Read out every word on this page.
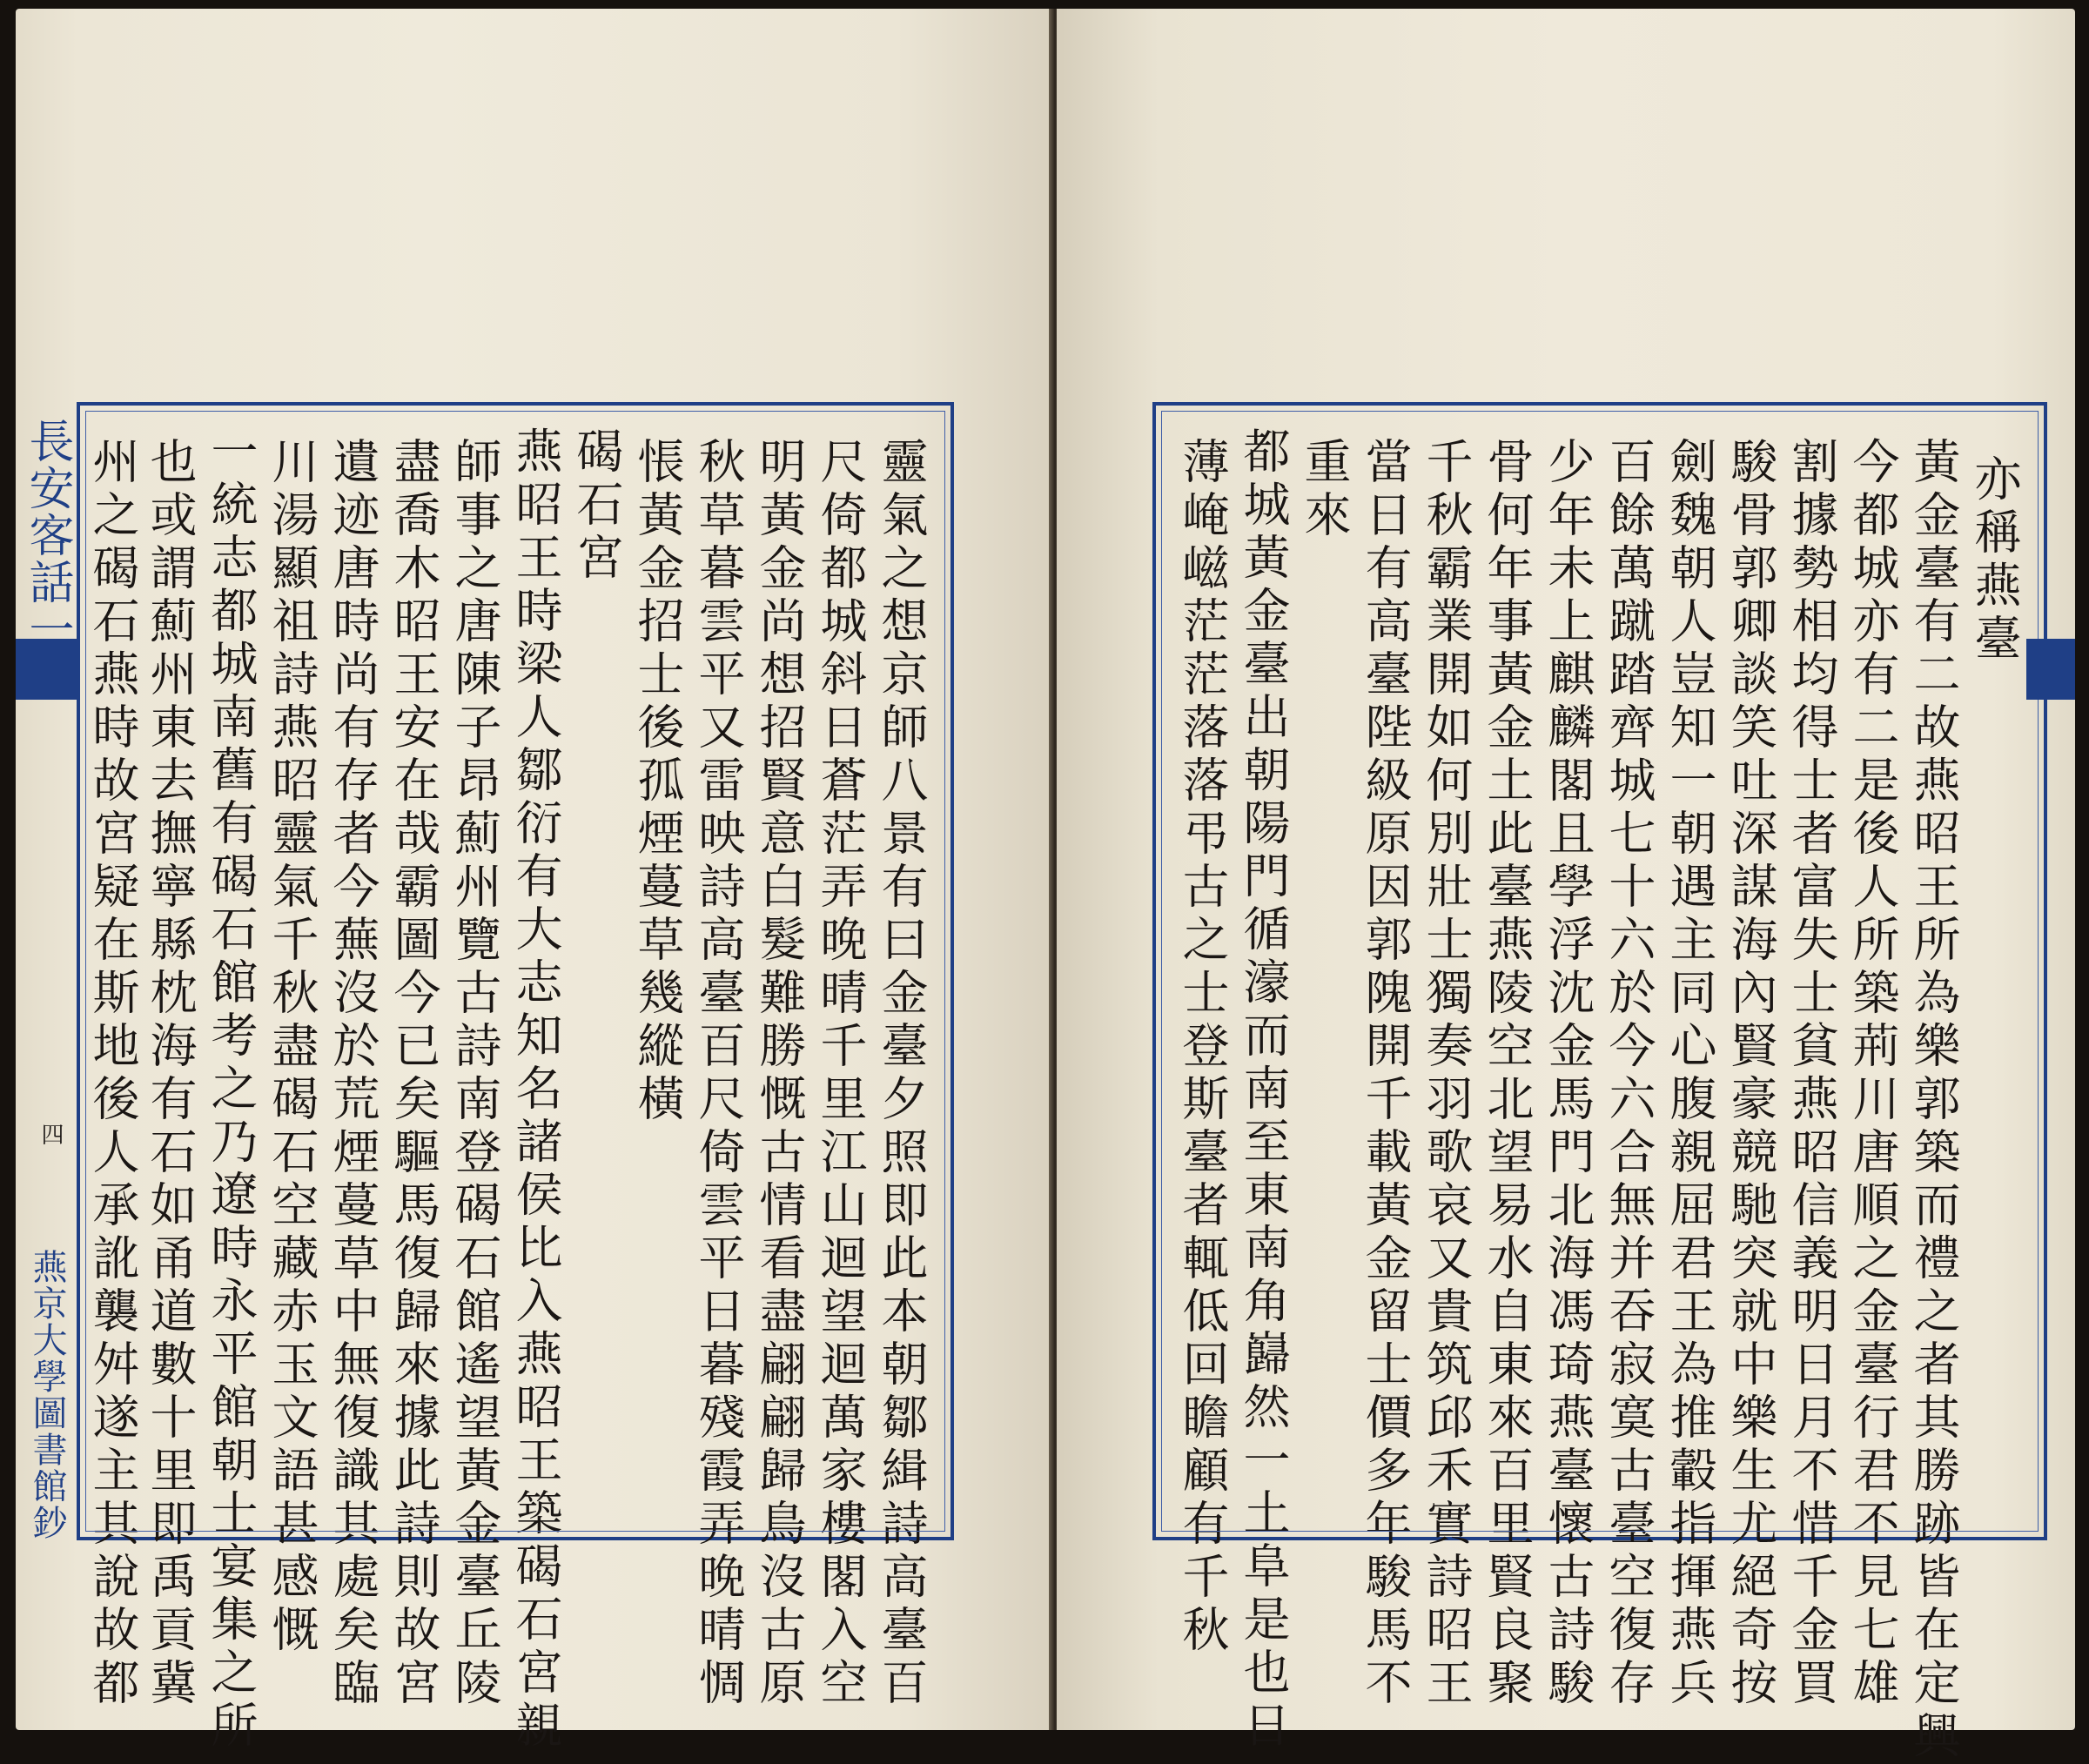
靈氣之想京師八景有曰金臺夕照即此本朝鄒緝詩高臺百
尺倚都城斜日蒼茫弄晚晴千里江山迴望迴萬家樓閣入空
明黃金尚想招賢意白髮難勝慨古情看盡翩翩歸鳥沒古原
秋草暮雲平又雷映詩高臺百尺倚雲平日暮殘霞弄晚晴惆
悵黃金招士後孤煙蔓草幾縱橫
碣石宮
燕昭王時梁人鄒衍有大志知名諸侯比入燕昭王築碣石宮親
師事之唐陳子昂薊州覽古詩南登碣石館遙望黃金臺丘陵
盡喬木昭王安在哉霸圖今已矣驅馬復歸來據此詩則故宮
遺迹唐時尚有存者今蕪沒於荒煙蔓草中無復識其處矣臨
川湯顯祖詩燕昭靈氣千秋盡碣石空藏赤玉文語甚感慨
一統志都城南舊有碣石館考之乃遼時永平館朝士宴集之所
也或謂薊州東去撫寧縣枕海有石如甬道數十里即禹貢冀
州之碣石燕時故宮疑在斯地後人承訛襲舛遂主其說故都
長安客話一
四
燕京大學圖書館鈔
亦稱燕臺
黃金臺有二故燕昭王所為樂郭築而禮之者其勝跡皆在定興
今都城亦有二是後人所築荊川唐順之金臺行君不見七雄
割據勢相均得士者富失士貧燕昭信義明日月不惜千金買
駿骨郭卿談笑吐深謀海內賢豪競馳突就中樂生尤絕奇按
劍魏朝人豈知一朝遇主同心腹親屈君王為推轂指揮燕兵
百餘萬蹴踏齊城七十六於今六合無并吞寂寞古臺空復存
少年未上麒麟閣且學浮沈金馬門北海馮琦燕臺懷古詩駿
骨何年事黃金土此臺燕陵空北望易水自東來百里賢良聚
千秋霸業開如何別壯士獨奏羽歌哀又貴筑邱禾實詩昭王
當日有高臺陛級原因郭隗開千載黃金留士價多年駿馬不
重來
都城黃金臺出朝陽門循濠而南至東南角巋然一土阜是也日
薄崦嵫茫茫落落弔古之士登斯臺者輒低回瞻顧有千秋
